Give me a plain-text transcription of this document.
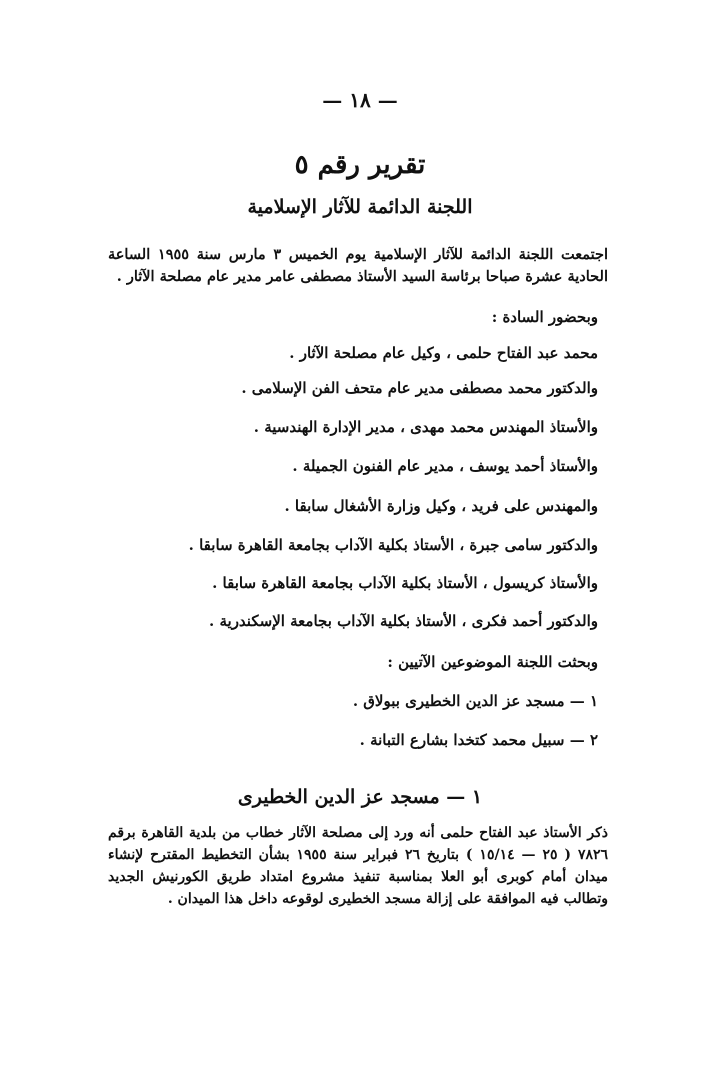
— ١٨ —
تقرير رقم ٥
اللجنة الدائمة للآثار الإسلامية
اجتمعت اللجنة الدائمة للآثار الإسلامية يوم الخميس ٣ مارس سنة ١٩٥٥ الساعة الحادية عشرة صباحا برئاسة السيد الأستاذ مصطفى عامر مدير عام مصلحة الآثار .
وبحضور السادة :
محمد عبد الفتاح حلمى ، وكيل عام مصلحة الآثار .
والدكتور محمد مصطفى مدير عام متحف الفن الإسلامى .
والأستاذ المهندس محمد مهدى ، مدير الإدارة الهندسية .
والأستاذ أحمد يوسف ، مدير عام الفنون الجميلة .
والمهندس على فريد ، وكيل وزارة الأشغال سابقا .
والدكتور سامى جبرة ، الأستاذ بكلية الآداب بجامعة القاهرة سابقا .
والأستاذ كريسول ، الأستاذ بكلية الآداب بجامعة القاهرة سابقا .
والدكتور أحمد فكرى ، الأستاذ بكلية الآداب بجامعة الإسكندرية .
وبحثت اللجنة الموضوعين الآتيين :
١ — مسجد عز الدين الخطيرى ببولاق .
٢ — سبيل محمد كتخدا بشارع التبانة .
١ — مسجد عز الدين الخطيرى
ذكر الأستاذ عبد الفتاح حلمى أنه ورد إلى مصلحة الآثار خطاب من بلدية القاهرة برقم ٧٨٢٦ ( ٢٥ — ١٥/١٤ ) بتاريخ ٢٦ فبراير سنة ١٩٥٥ بشأن التخطيط المقترح لإنشاء ميدان أمام كوبرى أبو العلا بمناسبة تنفيذ مشروع امتداد طريق الكورنيش الجديد وتطالب فيه الموافقة على إزالة مسجد الخطيرى لوقوعه داخل هذا الميدان .
